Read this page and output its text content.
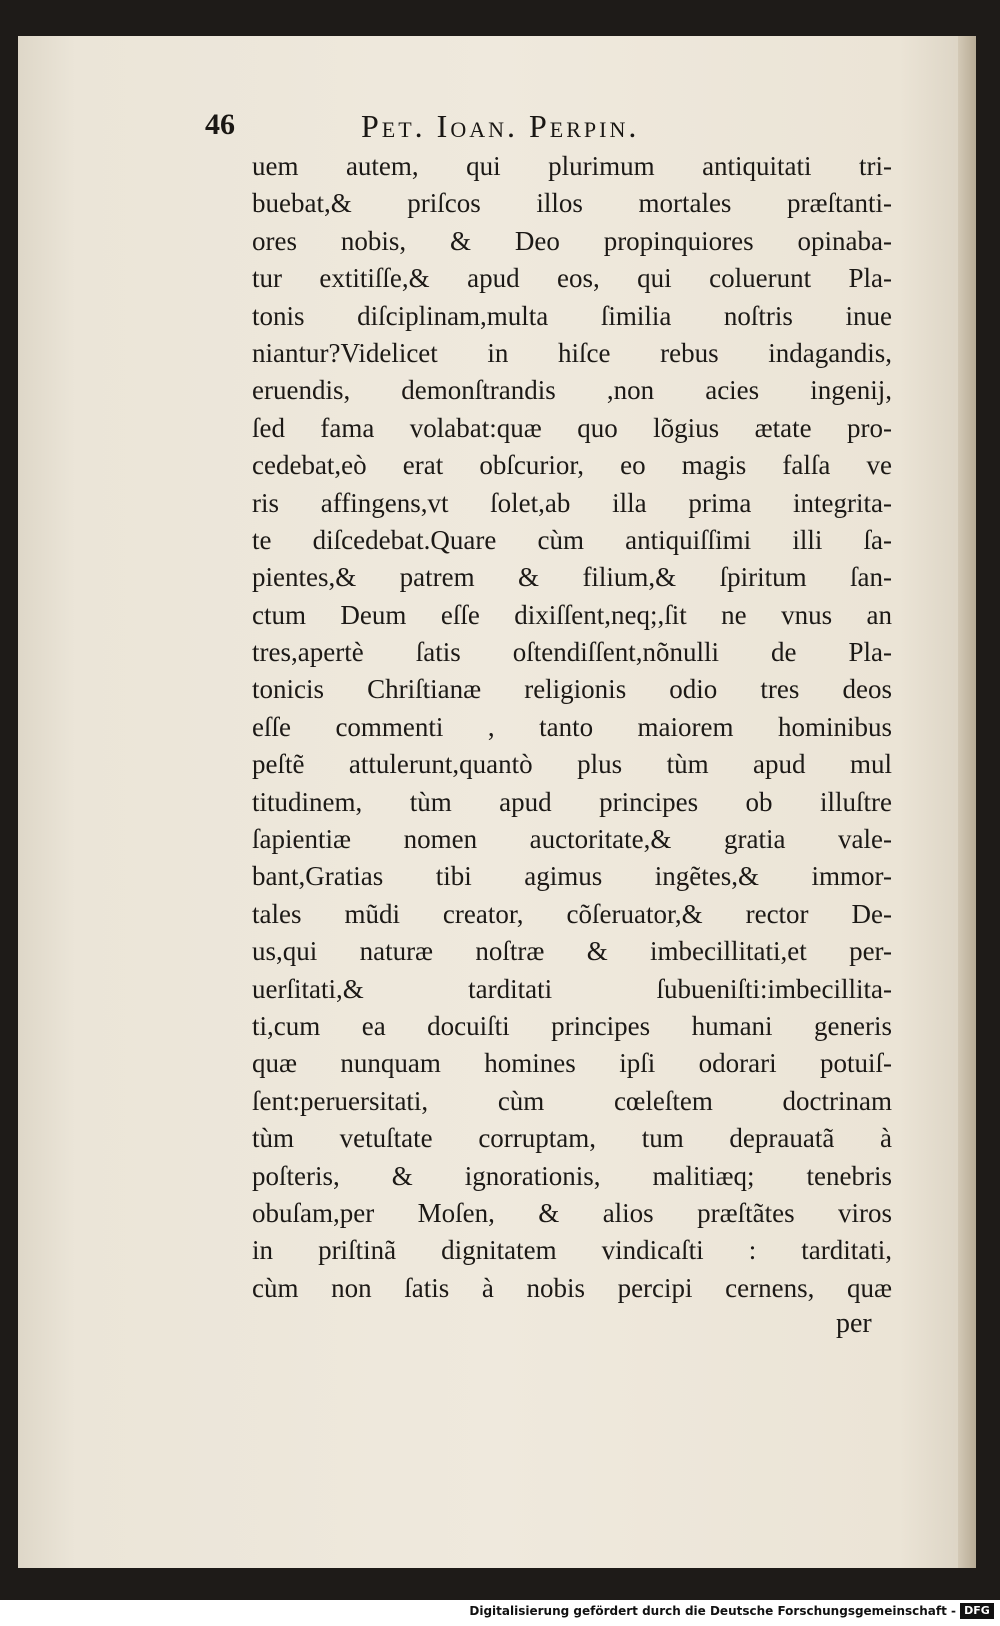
46	Pet. Ioan. Perpin.
uem autem, qui plurimum antiquitati tri-
buebat,& priſcos illos mortales præſtanti-
ores nobis, & Deo propinquiores opinaba-
tur extitiſſe,& apud eos, qui coluerunt Pla-
tonis diſciplinam,multa ſimilia noſtris inue
niantur?Videlicet in hiſce rebus indagandis,
eruendis, demonſtrandis ,non acies ingenij,
ſed fama volabat:quæ quo lõgius ætate pro-
cedebat,eò erat obſcurior, eo magis falſa ve
ris affingens,vt ſolet,ab illa prima integrita-
te diſcedebat.Quare cùm antiquiſſimi illi ſa-
pientes,& patrem & filium,& ſpiritum ſan-
ctum Deum eſſe dixiſſent,neq;,ſit ne vnus an
tres,apertè ſatis oſtendiſſent,nõnulli de Pla-
tonicis Chriſtianæ religionis odio tres deos
eſſe commenti , tanto maiorem hominibus
peſtẽ attulerunt,quantò plus tùm apud mul
titudinem, tùm apud principes ob illuſtre
ſapientiæ nomen auctoritate,& gratia vale-
bant,Gratias tibi agimus ingẽtes,& immor-
tales mũdi creator, cõſeruator,& rector De-
us,qui naturæ noſtræ & imbecillitati,et per-
uerſitati,& tarditati ſubueniſti:imbecillita-
ti,cum ea docuiſti principes humani generis
quæ nunquam homines ipſi odorari potuiſ-
ſent:peruersitati, cùm cœleſtem doctrinam
tùm vetuſtate corruptam, tum deprauatã à
poſteris, & ignorationis, malitiæq; tenebris
obuſam,per Moſen, & alios præſtãtes viros
in priſtinã dignitatem vindicaſti : tarditati,
cùm non ſatis à nobis percipi cernens, quæ
per
Digitalisierung gefördert durch die Deutsche Forschungsgemeinschaft - DFG
